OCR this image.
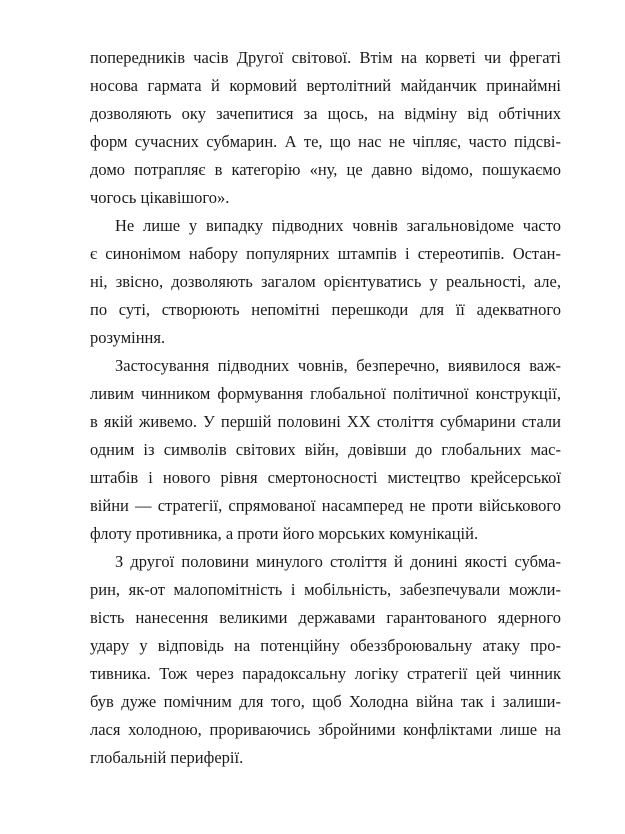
попередників часів Другої світової. Втім на корветі чи фрегаті
носова гармата й кормовий вертолітний майданчик принаймні
дозволяють оку зачепитися за щось, на відміну від обтічних
форм сучасних субмарин. А те, що нас не чіпляє, часто підсві-
домо потрапляє в категорію «ну, це давно відомо, пошукаємо
чогось цікавішого».
Не лише у випадку підводних човнів загальновідоме часто
є синонімом набору популярних штампів і стереотипів. Остан-
ні, звісно, дозволяють загалом орієнтуватись у реальності, але,
по суті, створюють непомітні перешкоди для її адекватного
розуміння.
Застосування підводних човнів, безперечно, виявилося важ-
ливим чинником формування глобальної політичної конструкції,
в якій живемо. У першій половині XX століття субмарини стали
одним із символів світових війн, довівши до глобальних мас-
штабів і нового рівня смертоносності мистецтво крейсерської
війни — стратегії, спрямованої насамперед не проти військового
флоту противника, а проти його морських комунікацій.
З другої половини минулого століття й донині якості субма-
рин, як-от малопомітність і мобільність, забезпечували можли-
вість нанесення великими державами гарантованого ядерного
удару у відповідь на потенційну обеззброювальну атаку про-
тивника. Тож через парадоксальну логіку стратегії цей чинник
був дуже помічним для того, щоб Холодна війна так і залиши-
лася холодною, прориваючись збройними конфліктами лише на
глобальній периферії.
